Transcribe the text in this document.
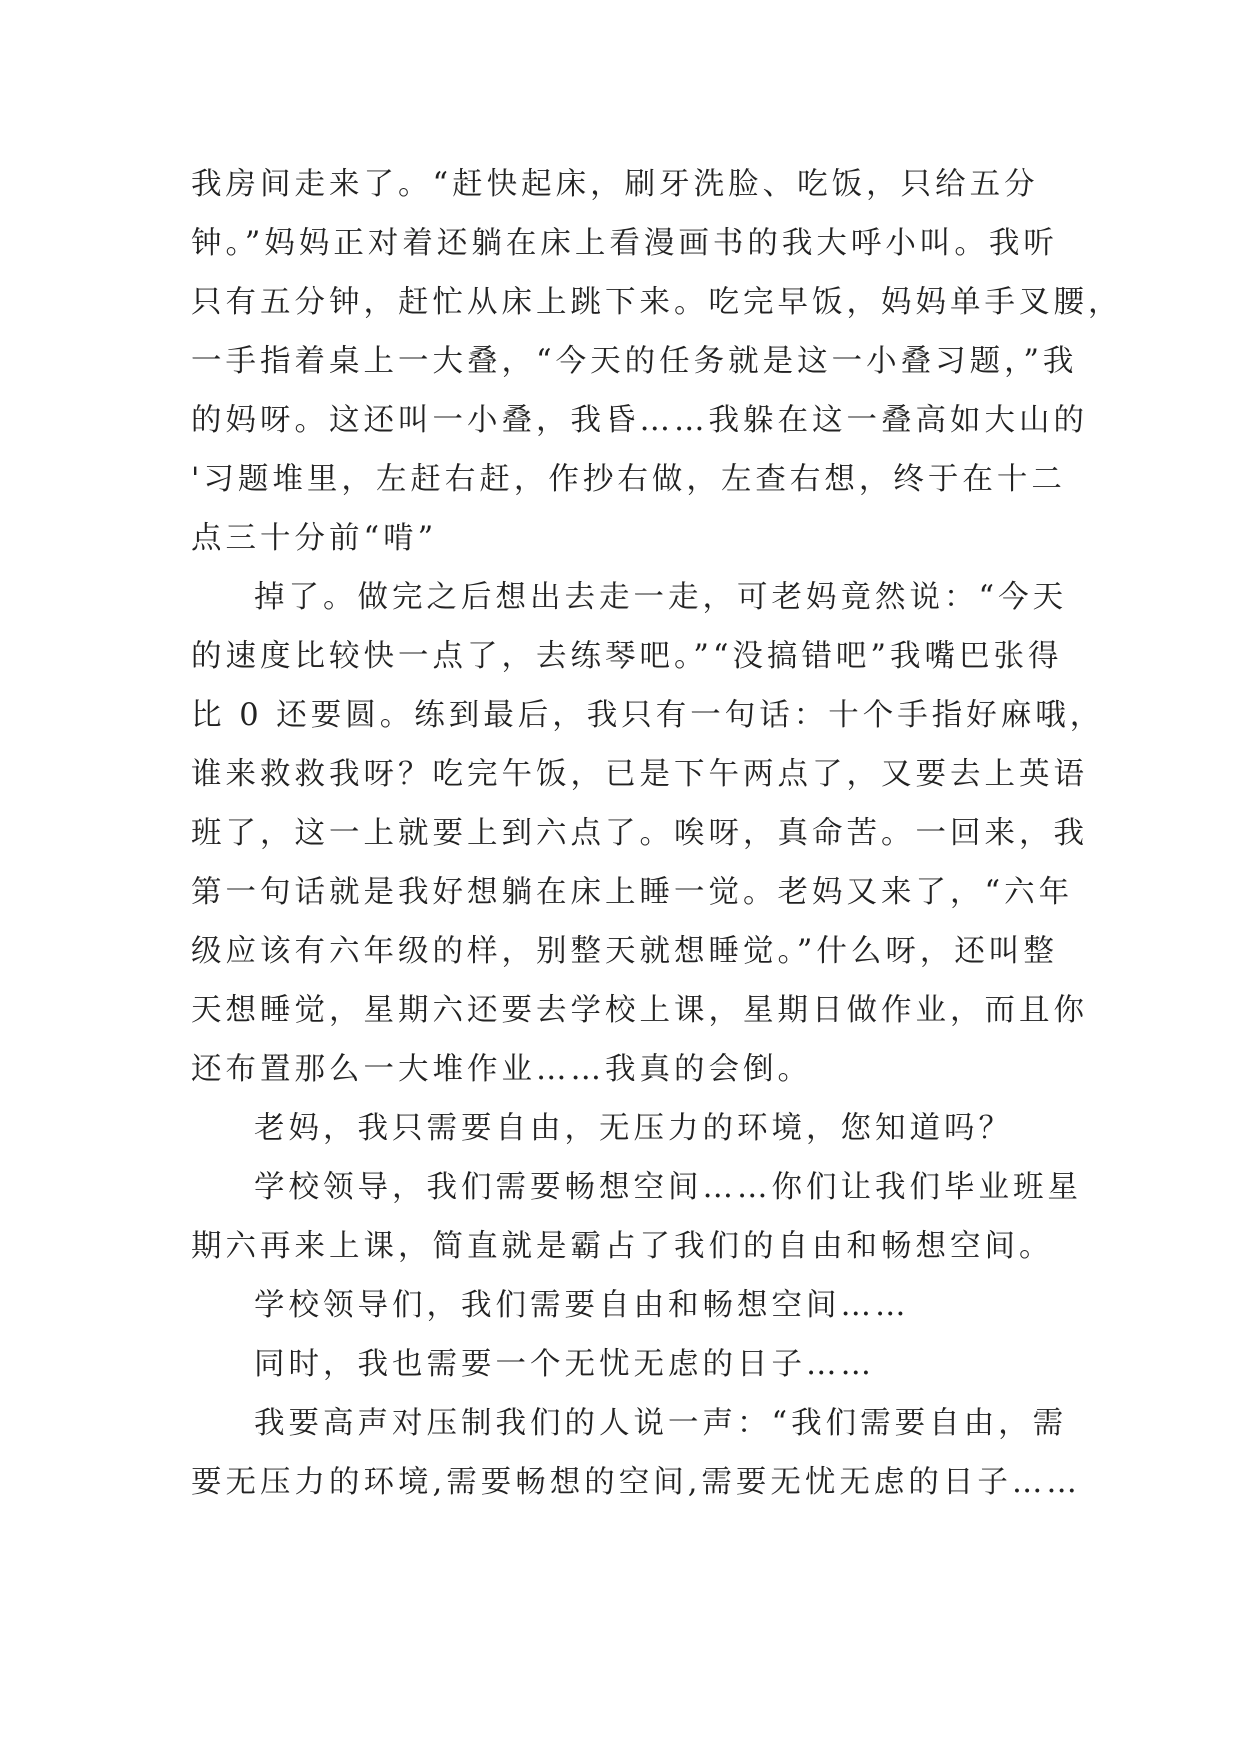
我房间走来了。“赶快起床，刷牙洗脸、吃饭，只给五分
钟。”妈妈正对着还躺在床上看漫画书的我大呼小叫。我听
只有五分钟，赶忙从床上跳下来。吃完早饭，妈妈单手叉腰，
一手指着桌上一大叠，“今天的任务就是这一小叠习题，”我
的妈呀。这还叫一小叠，我昏……我躲在这一叠高如大山的
'习题堆里，左赶右赶，作抄右做，左查右想，终于在十二
点三十分前“啃”
掉了。做完之后想出去走一走，可老妈竟然说：“今天
的速度比较快一点了，去练琴吧。”“没搞错吧”我嘴巴张得
比 0 还要圆。练到最后，我只有一句话：十个手指好麻哦，
谁来救救我呀？吃完午饭，已是下午两点了，又要去上英语
班了，这一上就要上到六点了。唉呀，真命苦。一回来，我
第一句话就是我好想躺在床上睡一觉。老妈又来了，“六年
级应该有六年级的样，别整天就想睡觉。”什么呀，还叫整
天想睡觉，星期六还要去学校上课，星期日做作业，而且你
还布置那么一大堆作业……我真的会倒。
老妈，我只需要自由，无压力的环境，您知道吗？
学校领导，我们需要畅想空间……你们让我们毕业班星
期六再来上课，简直就是霸占了我们的自由和畅想空间。
学校领导们，我们需要自由和畅想空间……
同时，我也需要一个无忧无虑的日子……
我要高声对压制我们的人说一声：“我们需要自由，需
要无压力的环境,需要畅想的空间,需要无忧无虑的日子……
